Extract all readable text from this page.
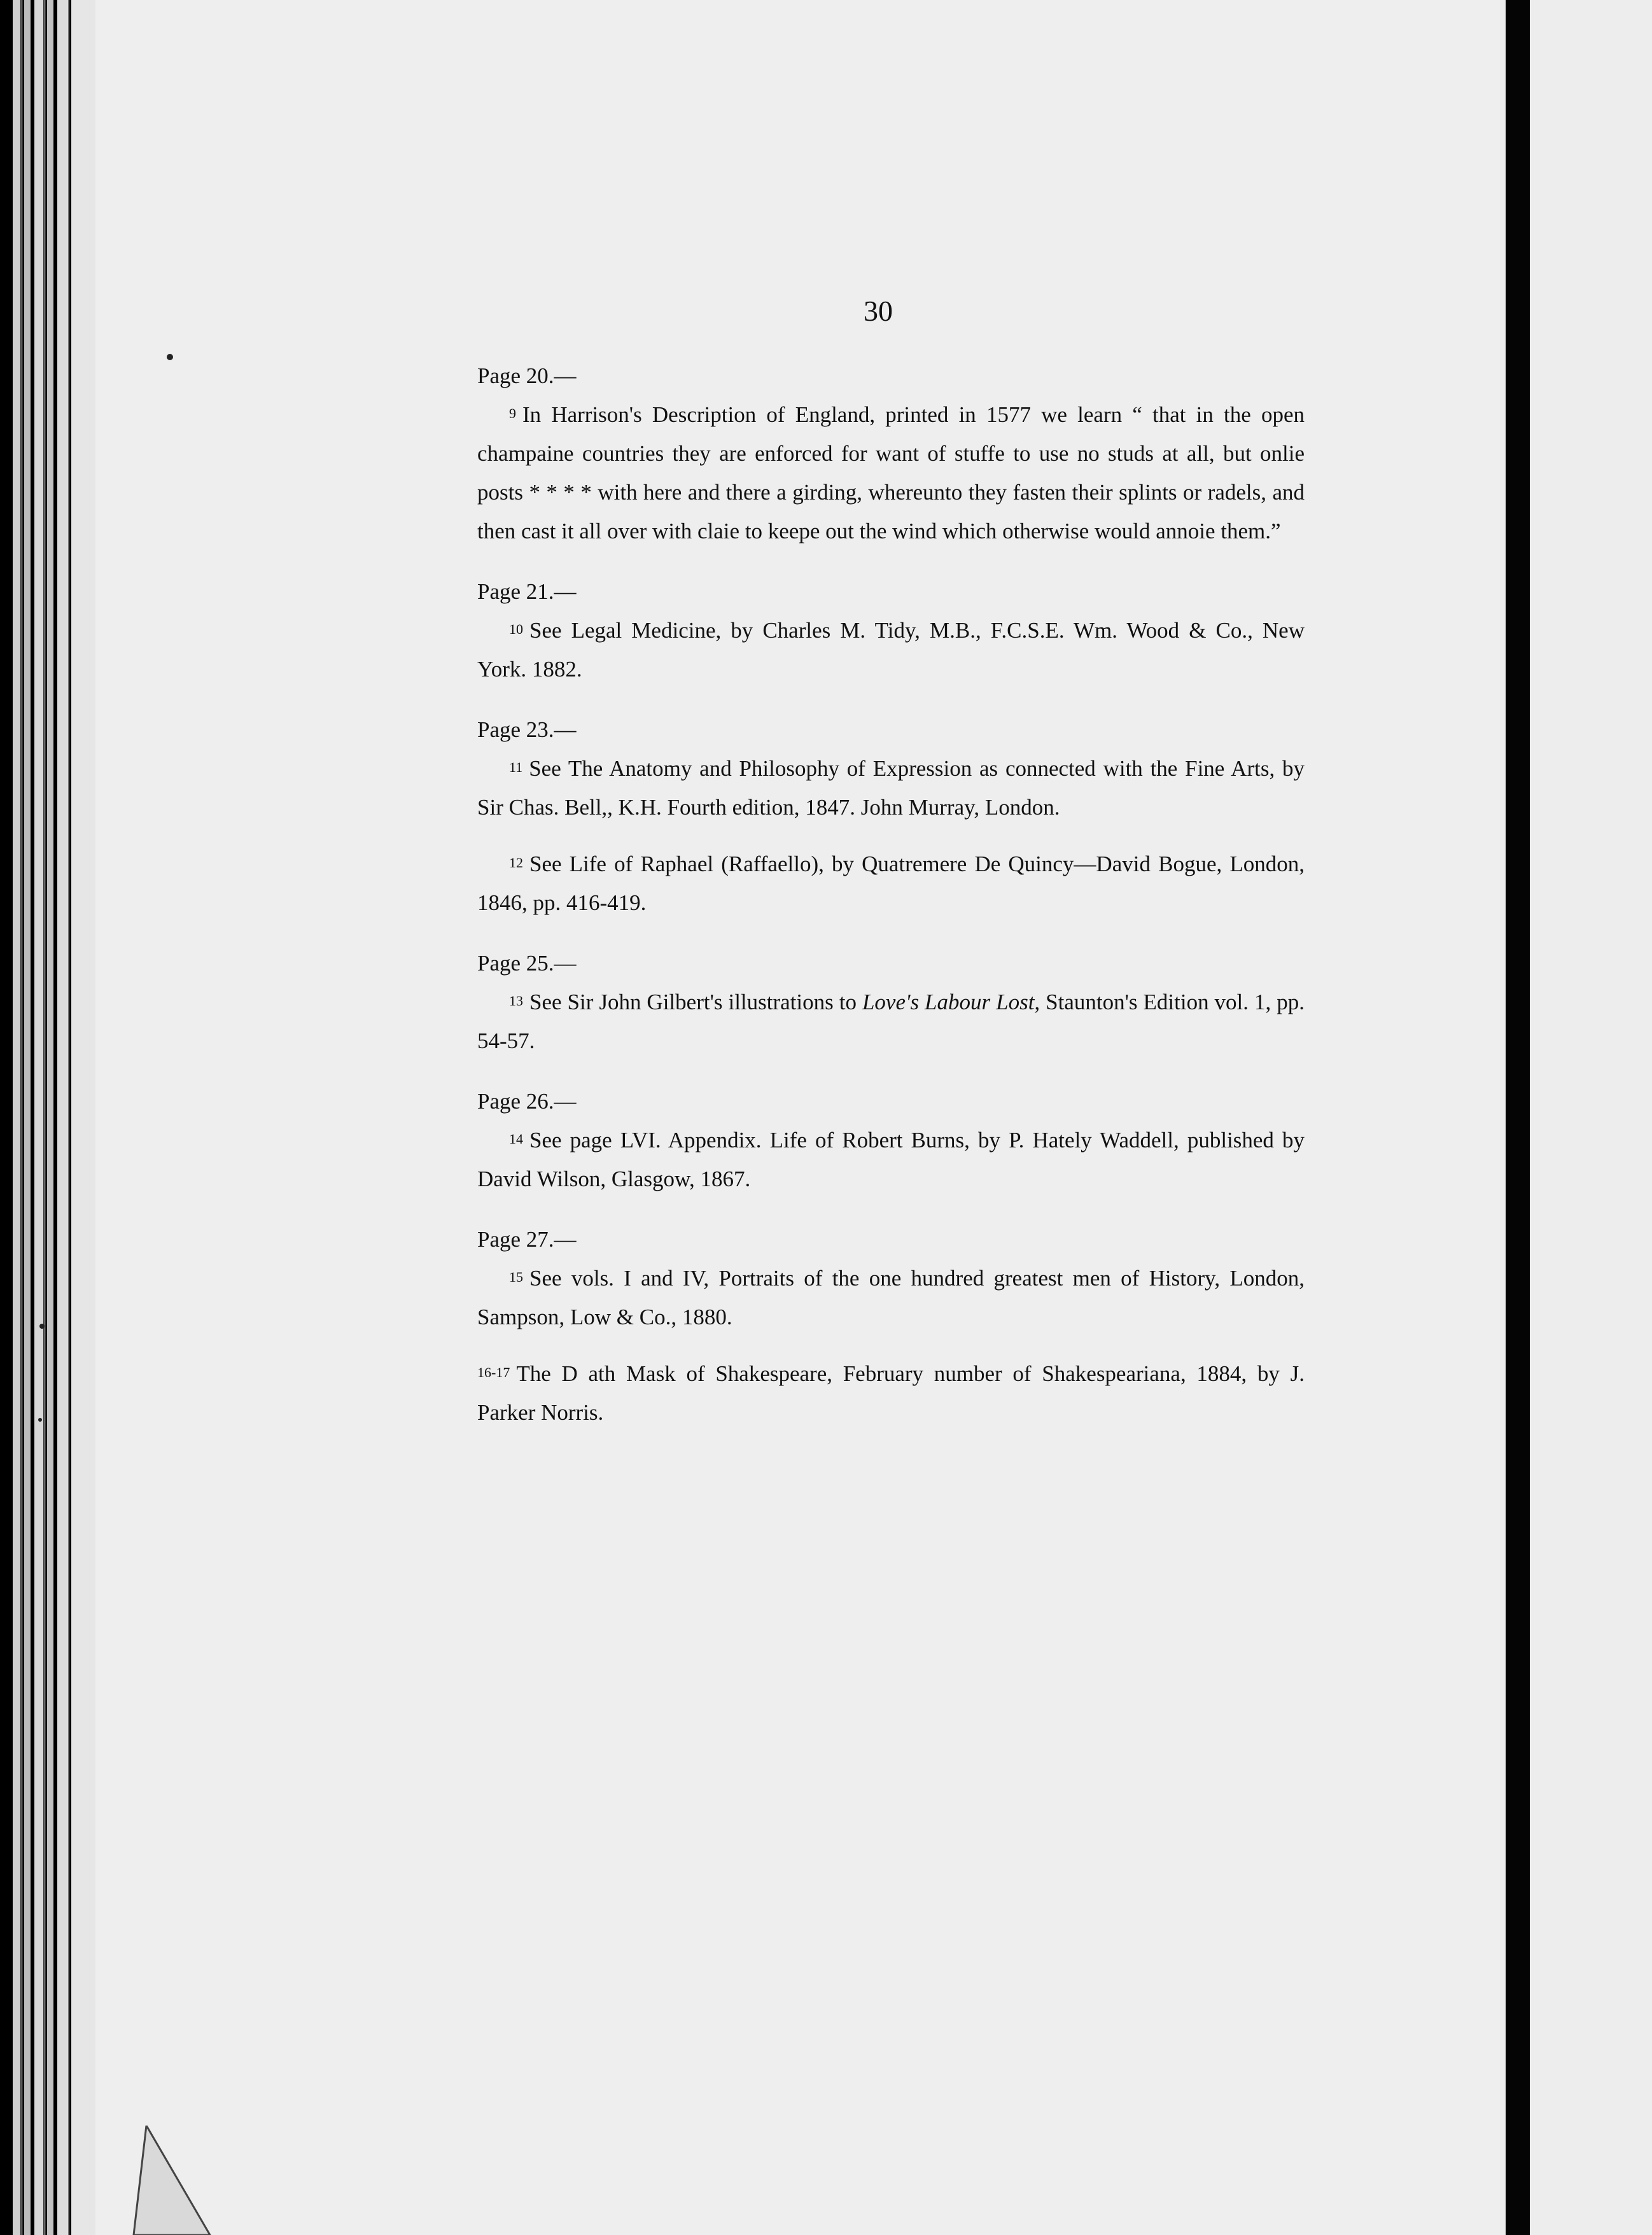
30
Page 20.—

$^9$ In Harrison's Description of England, printed in 1577 we learn “ that in the open champaine countries they are enforced for want of stuffe to use no studs at all, but onlie posts * * * * with here and there a girding, whereunto they fasten their splints or radels, and then cast it all over with claie to keepe out the wind which otherwise would annoie them.”

Page 21.—

$^{10}$ See Legal Medicine, by Charles M. Tidy, M.B., F.C.S.E. Wm. Wood & Co., New York. 1882.

Page 23.—

$^{11}$ See The Anatomy and Philosophy of Expression as connected with the Fine Arts, by Sir Chas. Bell,, K.H. Fourth edition, 1847. John Murray, London.

$^{12}$ See Life of Raphael (Raffaello), by Quatremere De Quincy—David Bogue, London, 1846, pp. 416-419.

Page 25.—

$^{13}$ See Sir John Gilbert's illustrations to Love's Labour Lost, Staunton's Edition vol. 1, pp. 54-57.

Page 26.—

$^{14}$ See page LVI. Appendix. Life of Robert Burns, by P. Hately Waddell, published by David Wilson, Glasgow, 1867.

Page 27.—

$^{15}$ See vols. I and IV, Portraits of the one hundred greatest men of History, London, Sampson, Low & Co., 1880.

$^{16-17}$ The D ath Mask of Shakespeare, February number of Shakespeariana, 1884, by J. Parker Norris.
